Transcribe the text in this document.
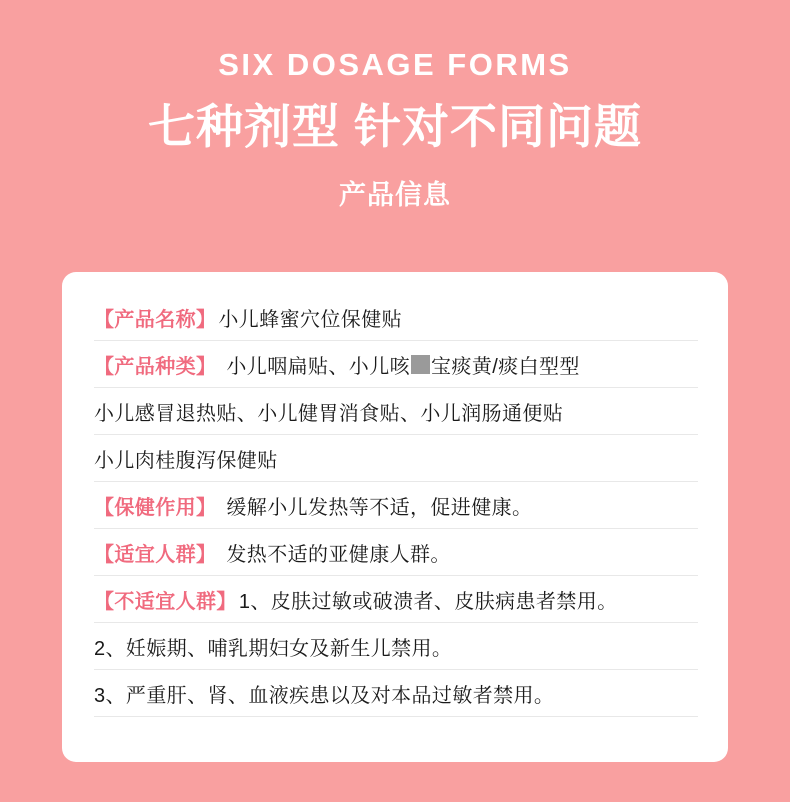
SIX DOSAGE FORMS
七种剂型 针对不同问题
产品信息
【产品名称】 小儿蜂蜜穴位保健贴
【产品种类】 小儿咽扁贴、小儿咳 宝痰黄/痰白型型
小儿感冒退热贴、小儿健胃消食贴、小儿润肠通便贴
小儿肉桂腹泻保健贴
【保健作用】 缓解小儿发热等不适，促进健康。
【适宜人群】 发热不适的亚健康人群。
【不适宜人群】 1、皮肤过敏或破溃者、皮肤病患者禁用。
2、妊娠期、哺乳期妇女及新生儿禁用。
3、严重肝、肾、血液疾患以及对本品过敏者禁用。
